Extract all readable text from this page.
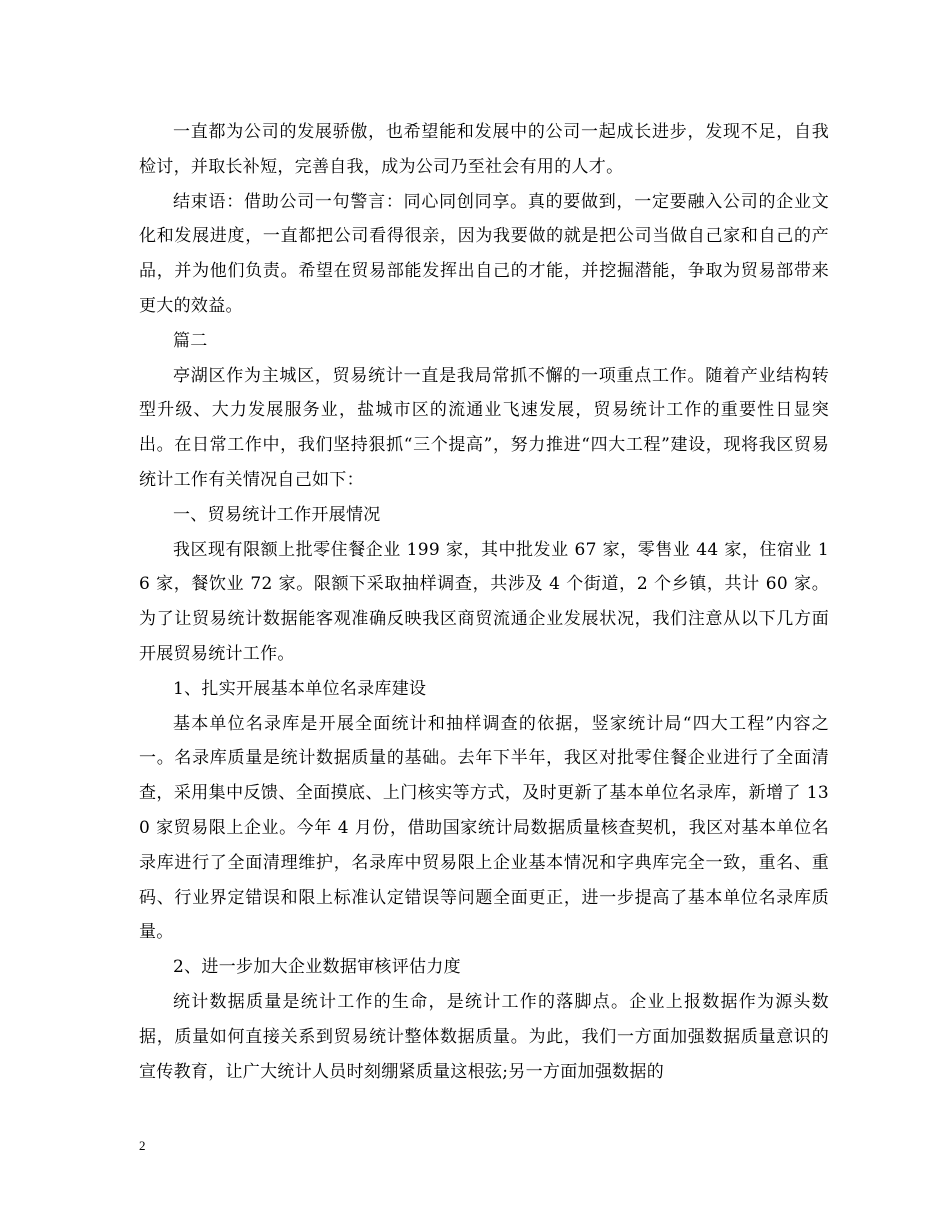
一直都为公司的发展骄傲，也希望能和发展中的公司一起成长进步，发现不足，自我检讨，并取长补短，完善自我，成为公司乃至社会有用的人才。

结束语：借助公司一句警言：同心同创同享。真的要做到，一定要融入公司的企业文化和发展进度，一直都把公司看得很亲，因为我要做的就是把公司当做自己家和自己的产品，并为他们负责。希望在贸易部能发挥出自己的才能，并挖掘潜能，争取为贸易部带来更大的效益。

篇二

亭湖区作为主城区，贸易统计一直是我局常抓不懈的一项重点工作。随着产业结构转型升级、大力发展服务业，盐城市区的流通业飞速发展，贸易统计工作的重要性日显突出。在日常工作中，我们坚持狠抓“三个提高”，努力推进“四大工程”建设，现将我区贸易统计工作有关情况自己如下：

一、贸易统计工作开展情况

我区现有限额上批零住餐企业 199 家，其中批发业 67 家，零售业 44 家，住宿业 16 家，餐饮业 72 家。限额下采取抽样调查，共涉及 4 个街道，2 个乡镇，共计 60 家。为了让贸易统计数据能客观准确反映我区商贸流通企业发展状况，我们注意从以下几方面开展贸易统计工作。

1、扎实开展基本单位名录库建设

基本单位名录库是开展全面统计和抽样调查的依据，竖家统计局“四大工程”内容之一。名录库质量是统计数据质量的基础。去年下半年，我区对批零住餐企业进行了全面清查，采用集中反馈、全面摸底、上门核实等方式，及时更新了基本单位名录库，新增了 130 家贸易限上企业。今年 4 月份，借助国家统计局数据质量核查契机，我区对基本单位名录库进行了全面清理维护，名录库中贸易限上企业基本情况和字典库完全一致，重名、重码、行业界定错误和限上标准认定错误等问题全面更正，进一步提高了基本单位名录库质量。

2、进一步加大企业数据审核评估力度

统计数据质量是统计工作的生命，是统计工作的落脚点。企业上报数据作为源头数据，质量如何直接关系到贸易统计整体数据质量。为此，我们一方面加强数据质量意识的宣传教育，让广大统计人员时刻绷紧质量这根弦;另一方面加强数据的

2
